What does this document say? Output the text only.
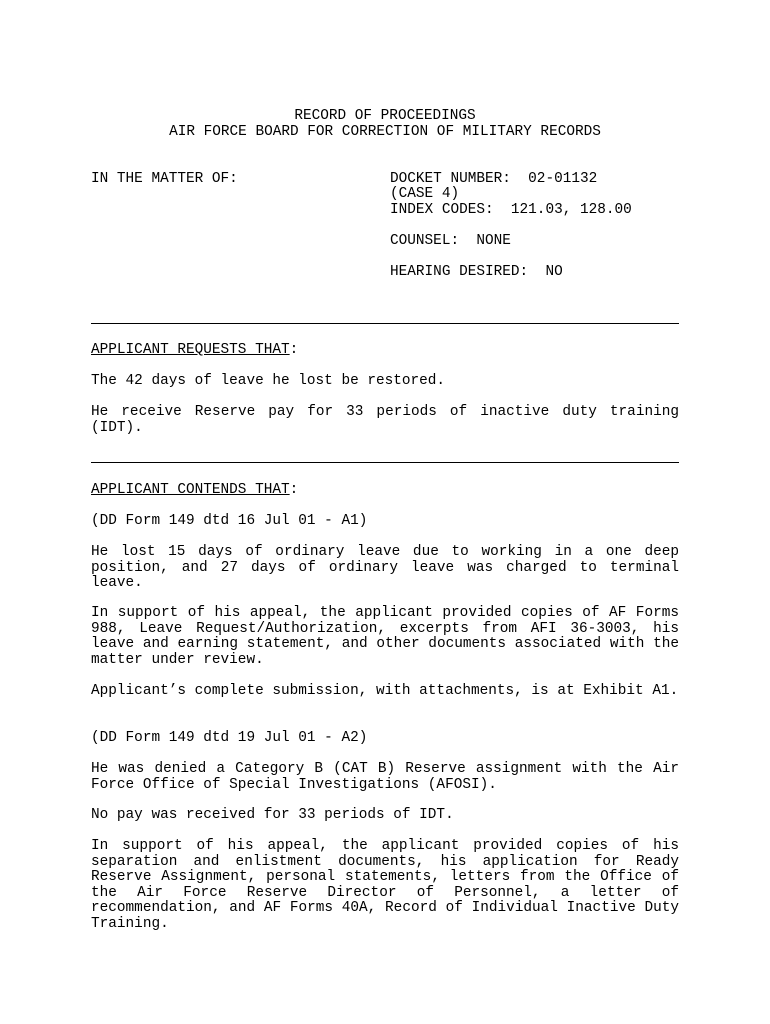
RECORD OF PROCEEDINGS
AIR FORCE BOARD FOR CORRECTION OF MILITARY RECORDS
IN THE MATTER OF:	DOCKET NUMBER:  02-01132
(CASE 4)
INDEX CODES:  121.03, 128.00
COUNSEL:  NONE
HEARING DESIRED:  NO
APPLICANT REQUESTS THAT:
The 42 days of leave he lost be restored.
He receive Reserve pay for 33 periods of inactive duty training (IDT).
APPLICANT CONTENDS THAT:
(DD Form 149 dtd 16 Jul 01 - A1)
He lost 15 days of ordinary leave due to working in a one deep position, and 27 days of ordinary leave was charged to terminal leave.
In support of his appeal, the applicant provided copies of AF Forms 988, Leave Request/Authorization, excerpts from AFI 36-3003, his leave and earning statement, and other documents associated with the matter under review.
Applicant’s complete submission, with attachments, is at Exhibit A1.
(DD Form 149 dtd 19 Jul 01 - A2)
He was denied a Category B (CAT B) Reserve assignment with the Air Force Office of Special Investigations (AFOSI).
No pay was received for 33 periods of IDT.
In support of his appeal, the applicant provided copies of his separation and enlistment documents, his application for Ready Reserve Assignment, personal statements, letters from the Office of the Air Force Reserve Director of Personnel, a letter of recommendation, and AF Forms 40A, Record of Individual Inactive Duty Training.
